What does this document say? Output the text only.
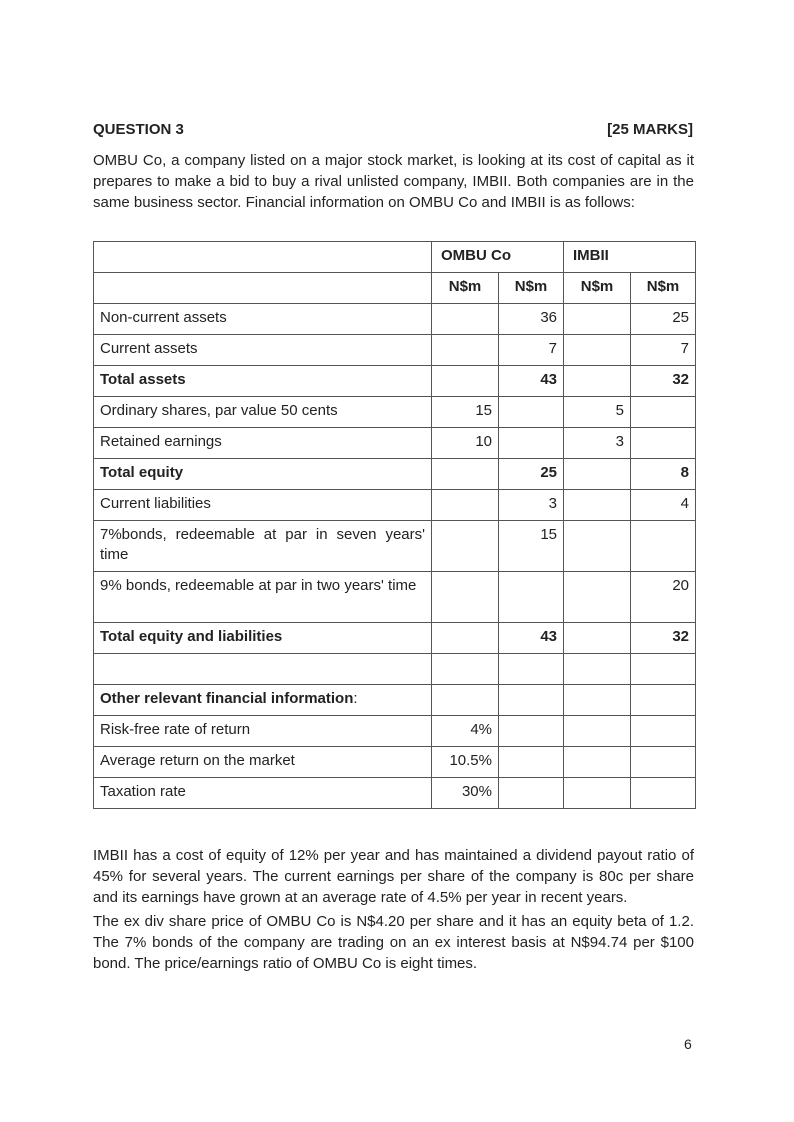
QUESTION 3	[25 MARKS]

OMBU Co, a company listed on a major stock market, is looking at its cost of capital as it prepares to make a bid to buy a rival unlisted company, IMBII. Both companies are in the same business sector. Financial information on OMBU Co and IMBII is as follows:

	OMBU Co		IMBII	
	N$m	N$m	N$m	N$m

Non-current assets		36		25

Current assets		7		7

Total assets		43		32

Ordinary shares, par value 50 cents	15		5	

Retained earnings	10		3	

Total equity		25		8

Current liabilities		3		4

7%bonds, redeemable at par in seven years' time		15		

9% bonds, redeemable at par in two years' time				20

Total equity and liabilities		43		32

Other relevant financial information:				

Risk-free rate of return	4%			

Average return on the market	10.5%			

Taxation rate	30%			

IMBII has a cost of equity of 12% per year and has maintained a dividend payout ratio of 45% for several years. The current earnings per share of the company is 80c per share and its earnings have grown at an average rate of 4.5% per year in recent years.

The ex div share price of OMBU Co is N$4.20 per share and it has an equity beta of 1.2. The 7% bonds of the company are trading on an ex interest basis at N$94.74 per $100 bond. The price/earnings ratio of OMBU Co is eight times.

6
